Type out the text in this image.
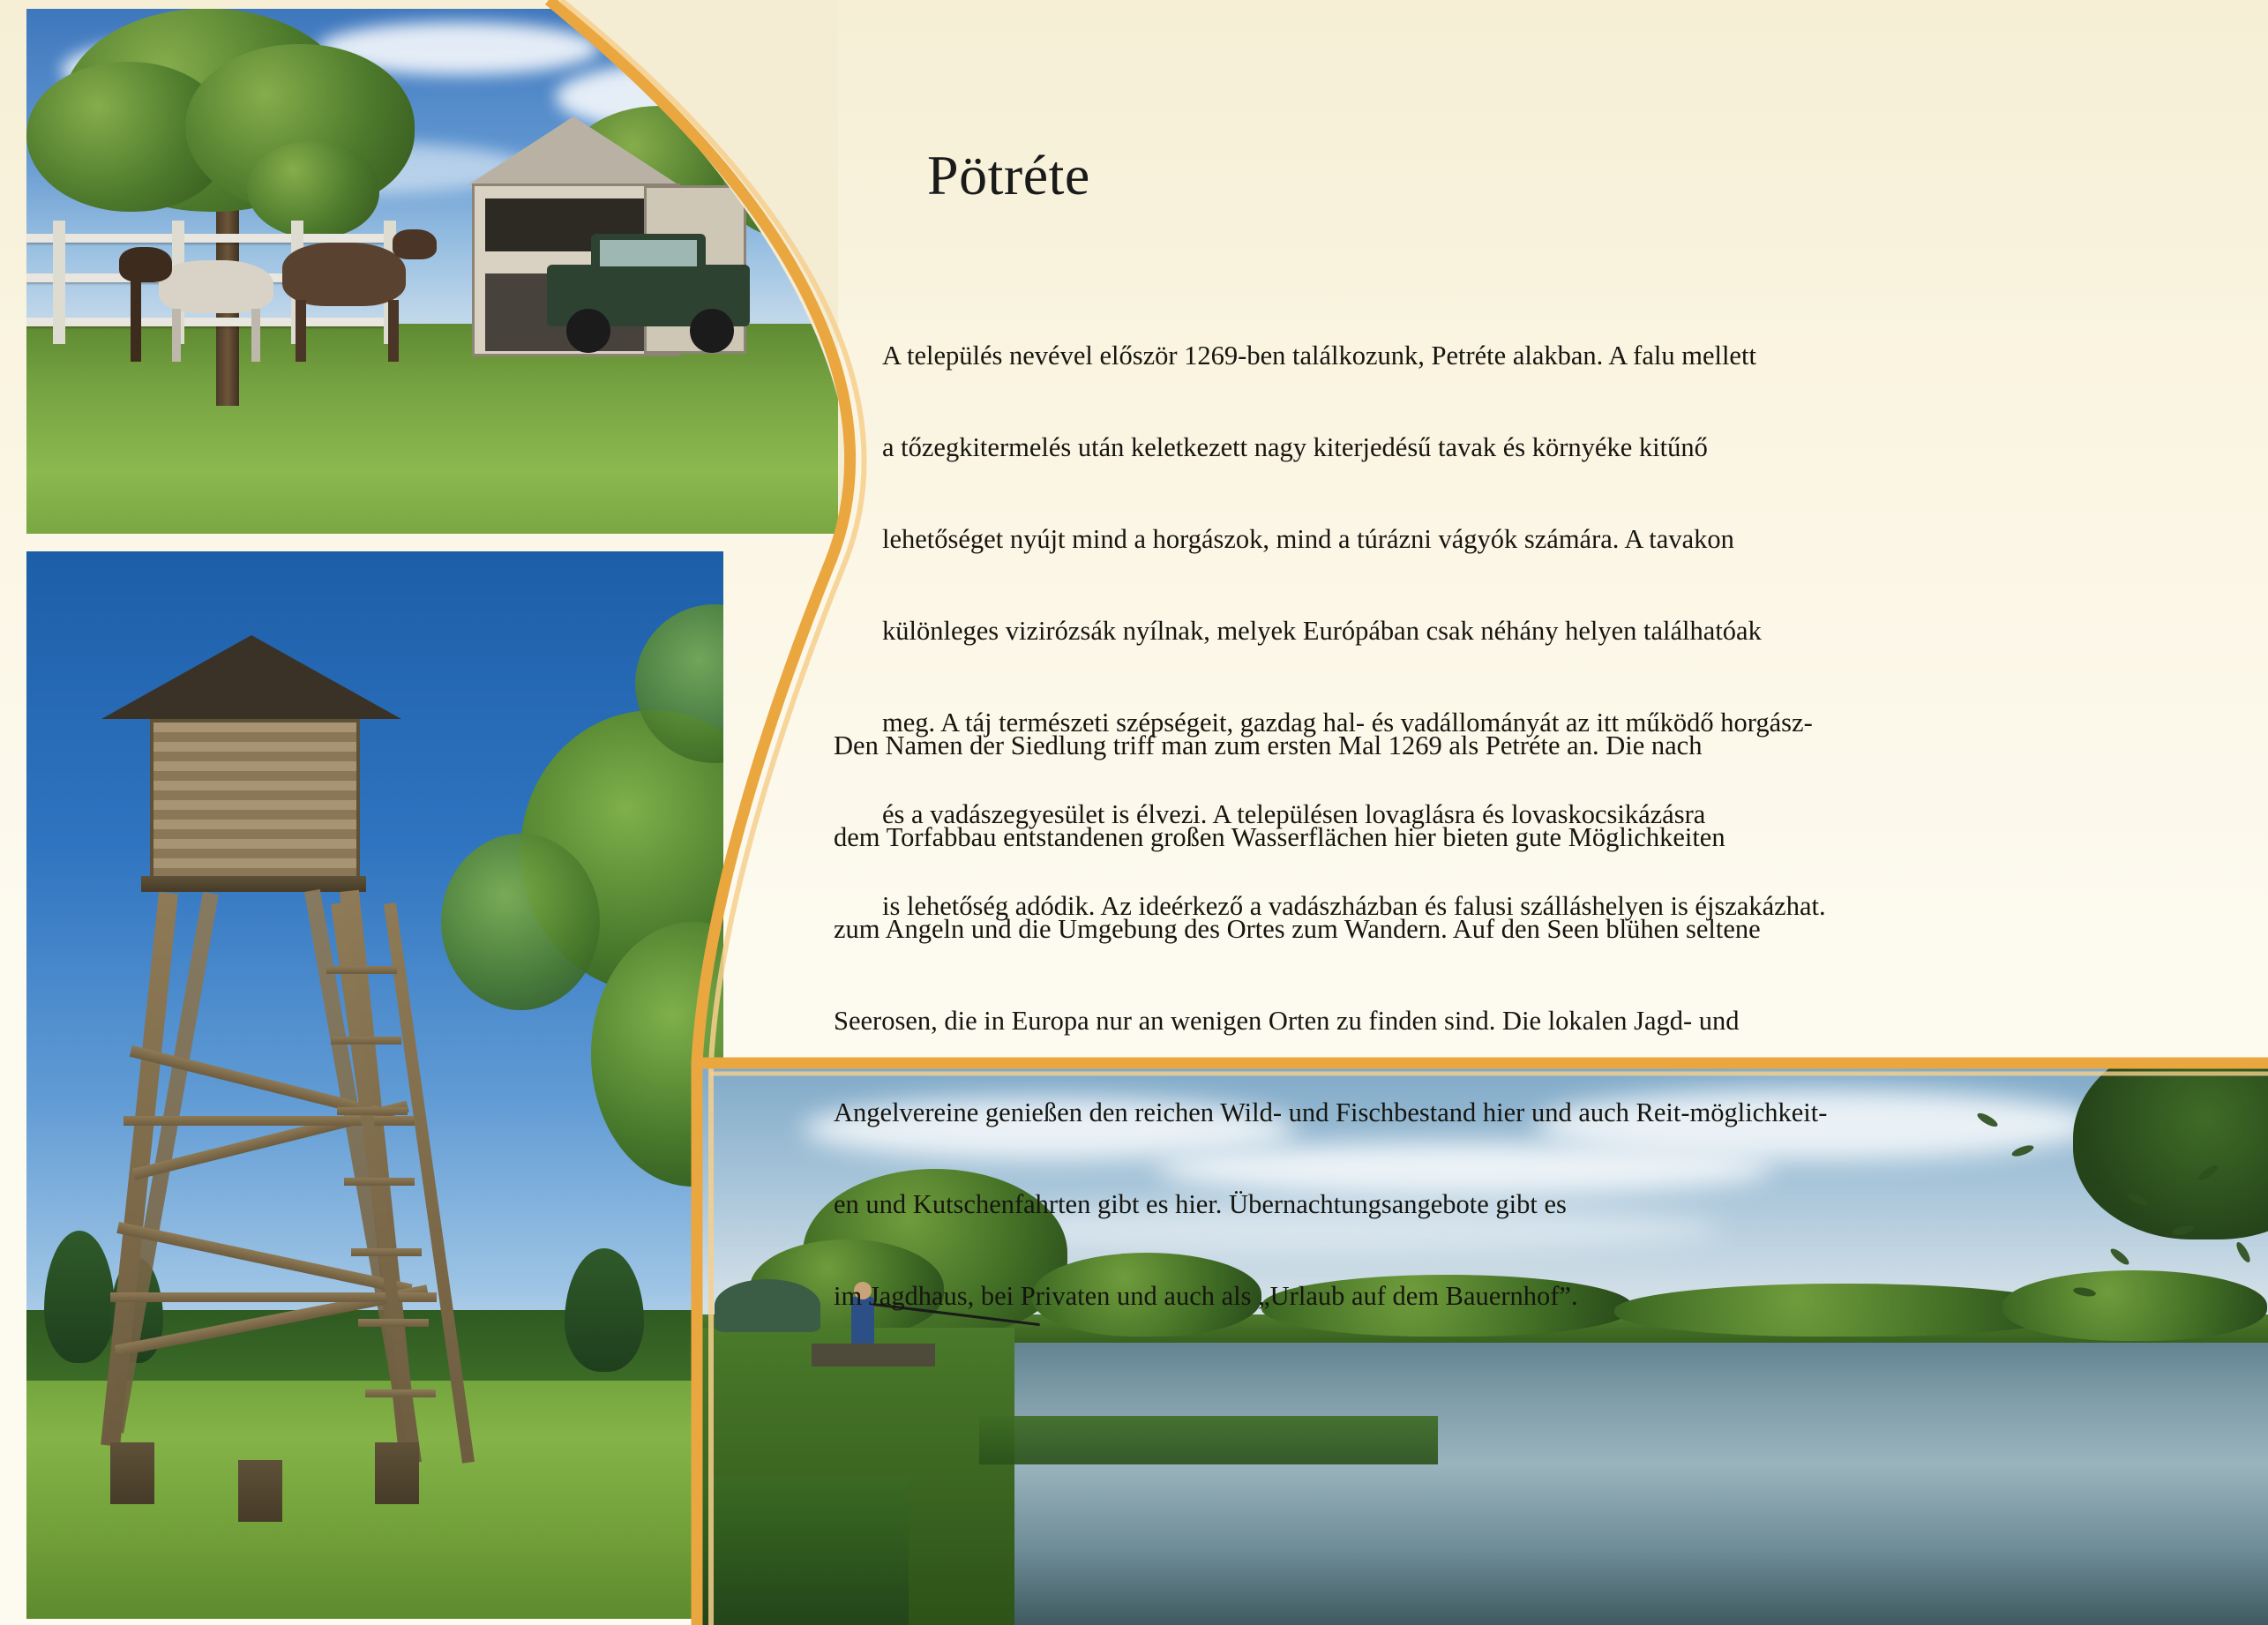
Pötréte

A település nevével először 1269-ben találkozunk, Petréte alakban. A falu mellett

a tőzegkitermelés után keletkezett nagy kiterjedésű tavak és környéke kitűnő

lehetőséget nyújt mind a horgászok, mind a túrázni vágyók számára. A tavakon

különleges vizirózsák nyílnak, melyek Európában csak néhány helyen találhatóak

meg. A táj természeti szépségeit, gazdag hal- és vadállományát az itt működő horgász-

és a vadászegyesület is élvezi. A településen lovaglásra és lovaskocsikázásra

is lehetőség adódik. Az ideérkező a vadászházban és falusi szálláshelyen is éjszakázhat.

Den Namen der Siedlung triff man zum ersten Mal 1269 als Petréte an. Die nach

dem Torfabbau entstandenen großen Wasserflächen hier bieten gute Möglichkeiten

zum Angeln und die Umgebung des Ortes zum Wandern. Auf den Seen blühen seltene

Seerosen, die in Europa nur an wenigen Orten zu finden sind. Die lokalen Jagd- und

Angelvereine genießen den reichen Wild- und Fischbestand hier und auch Reit-möglichkeit-

en und Kutschenfahrten gibt es hier. Übernachtungsangebote gibt es

im Jagdhaus, bei Privaten und auch als „Urlaub auf dem Bauernhof”.
